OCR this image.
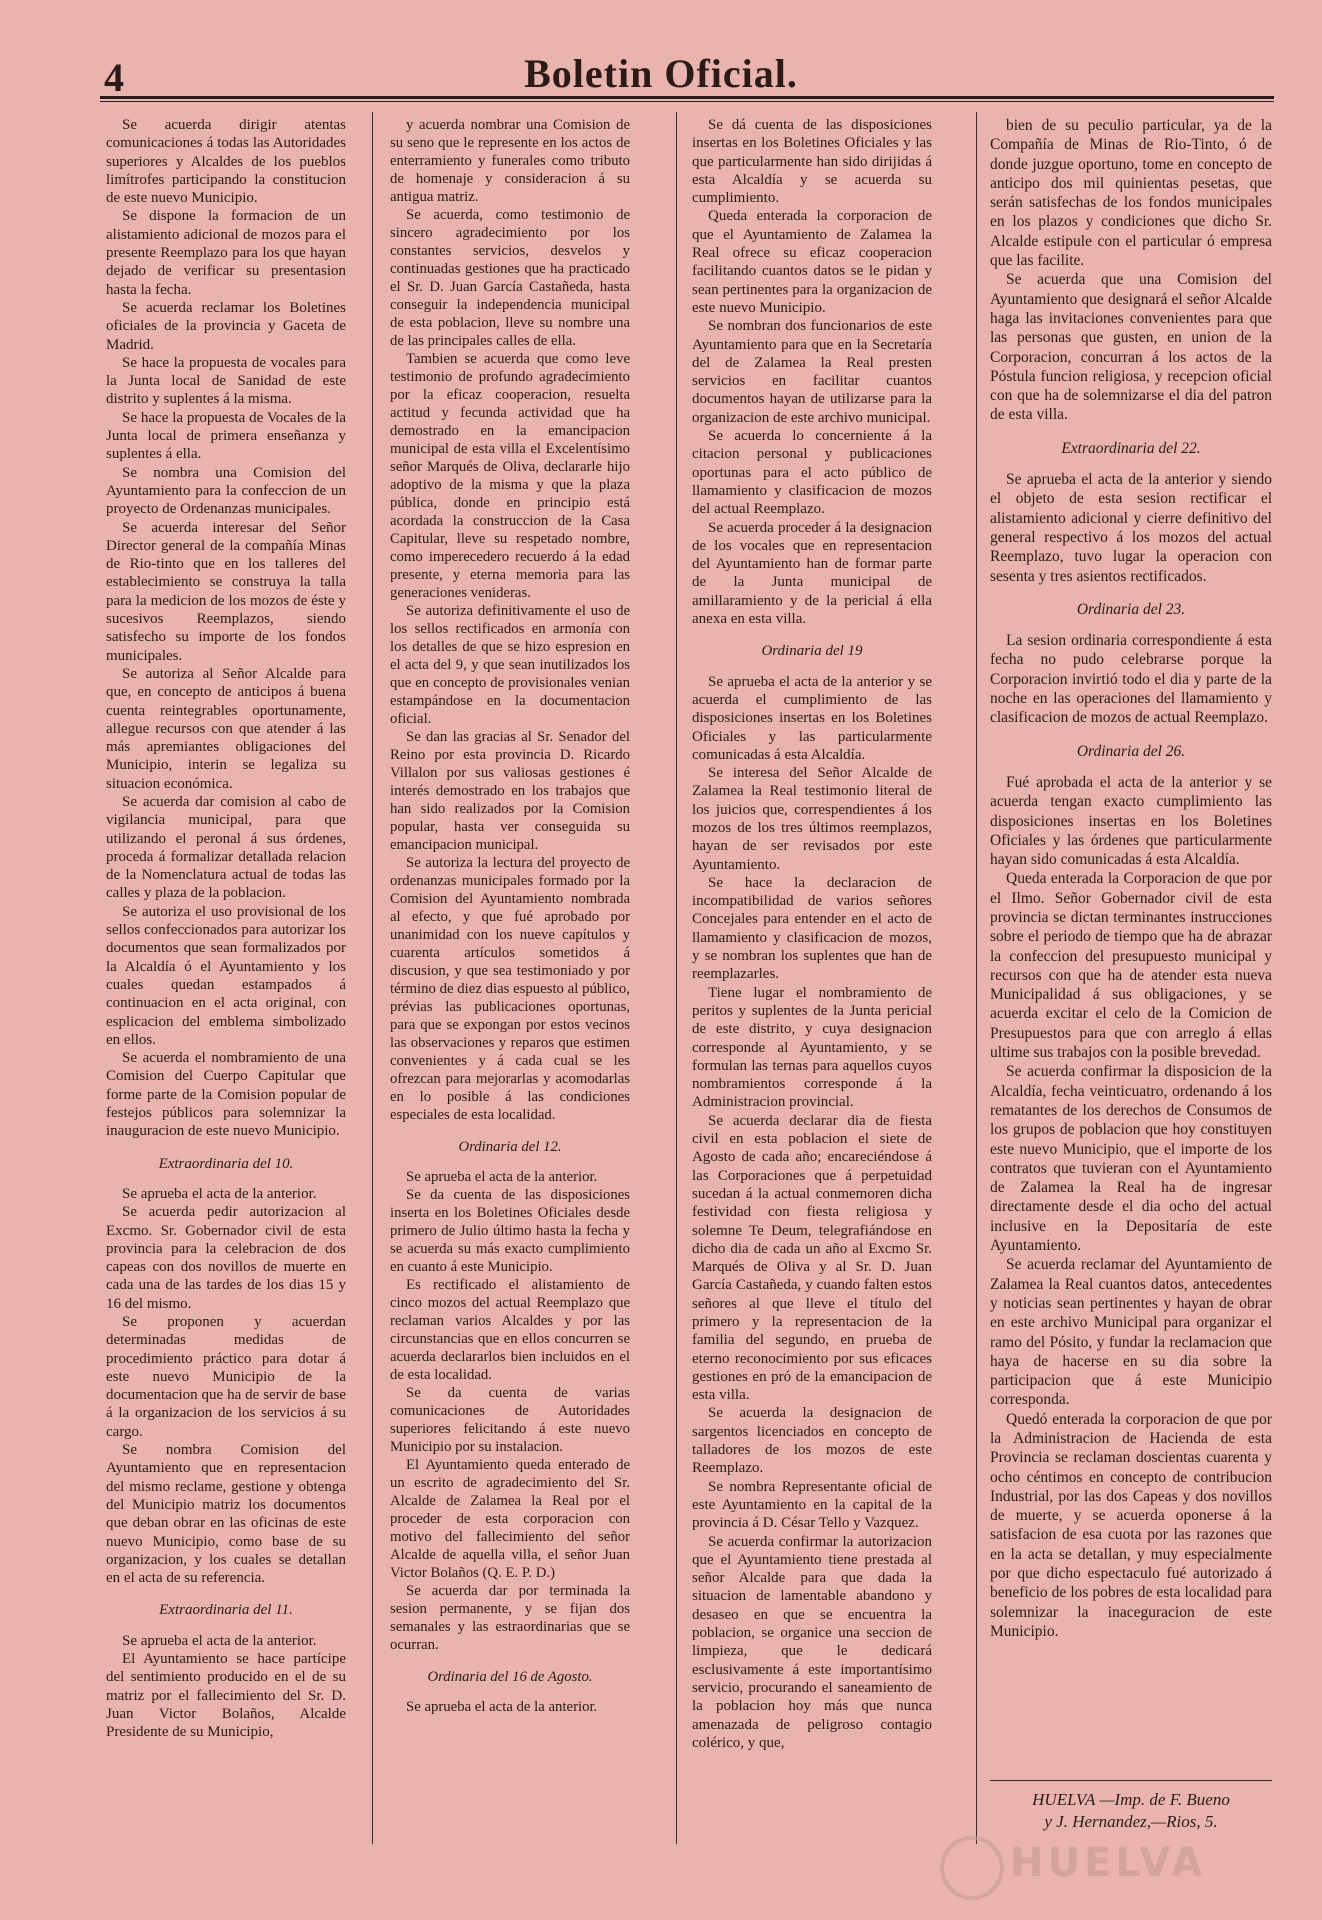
4	Boletin Oficial.

Se acuerda dirigir atentas comunicaciones á todas las Autoridades superiores y Alcaldes de los pueblos limítrofes participando la constitucion de este nuevo Municipio.

Se dispone la formacion de un alistamiento adicional de mozos para el presente Reemplazo para los que hayan dejado de verificar su presentasion hasta la fecha.

Se acuerda reclamar los Boletines oficiales de la provincia y Gaceta de Madrid.

Se hace la propuesta de vocales para la Junta local de Sanidad de este distrito y suplentes á la misma.

Se hace la propuesta de Vocales de la Junta local de primera enseñanza y suplentes á ella.

Se nombra una Comision del Ayuntamiento para la confeccion de un proyecto de Ordenanzas municipales.

Se acuerda interesar del Señor Director general de la compañía Minas de Rio-tinto que en los talleres del establecimiento se construya la talla para la medicion de los mozos de éste y sucesivos Reemplazos, siendo satisfecho su importe de los fondos municipales.

Se autoriza al Señor Alcalde para que, en concepto de anticipos á buena cuenta reintegrables oportunamente, allegue recursos con que atender á las más apremiantes obligaciones del Municipio, interin se legaliza su situacion económica.

Se acuerda dar comision al cabo de vigilancia municipal, para que utilizando el peronal á sus órdenes, proceda á formalizar detallada relacion de la Nomenclatura actual de todas las calles y plaza de la poblacion.

Se autoriza el uso provisional de los sellos confeccionados para autorizar los documentos que sean formalizados por la Alcaldía ó el Ayuntamiento y los cuales quedan estampados á continuacion en el acta original, con esplicacion del emblema simbolizado en ellos.

Se acuerda el nombramiento de una Comision del Cuerpo Capitular que forme parte de la Comision popular de festejos públicos para solemnizar la inauguracion de este nuevo Municipio.

Extraordinaria del 10.

Se aprueba el acta de la anterior.

Se acuerda pedir autorizacion al Excmo. Sr. Gobernador civil de esta provincia para la celebracion de dos capeas con dos novillos de muerte en cada una de las tardes de los dias 15 y 16 del mismo.

Se proponen y acuerdan determinadas medidas de procedimiento práctico para dotar á este nuevo Municipio de la documentacion que ha de servir de base á la organizacion de los servicios á su cargo.

Se nombra Comision del Ayuntamiento que en representacion del mismo reclame, gestione y obtenga del Municipio matriz los documentos que deban obrar en las oficinas de este nuevo Municipio, como base de su organizacion, y los cuales se detallan en el acta de su referencia.

Extraordinaria del 11.

Se aprueba el acta de la anterior.

El Ayuntamiento se hace partícipe del sentimiento producido en el de su matriz por el fallecimiento del Sr. D. Juan Victor Bolaños, Alcalde Presidente de su Municipio,

y acuerda nombrar una Comision de su seno que le represente en los actos de enterramiento y funerales como tributo de homenaje y consideracion á su antigua matriz.

Se acuerda, como testimonio de sincero agradecimiento por los constantes servicios, desvelos y continuadas gestiones que ha practicado el Sr. D. Juan García Castañeda, hasta conseguir la independencia municipal de esta poblacion, lleve su nombre una de las principales calles de ella.

Tambien se acuerda que como leve testimonio de profundo agradecimiento por la eficaz cooperacion, resuelta actitud y fecunda actividad que ha demostrado en la emancipacion municipal de esta villa el Excelentísimo señor Marqués de Oliva, declararle hijo adoptivo de la misma y que la plaza pública, donde en principio está acordada la construccion de la Casa Capitular, lleve su respetado nombre, como imperecedero recuerdo á la edad presente, y eterna memoria para las generaciones venideras.

Se autoriza definitivamente el uso de los sellos rectificados en armonía con los detalles de que se hizo espresion en el acta del 9, y que sean inutilizados los que en concepto de provisionales venian estampándose en la documentacion oficial.

Se dan las gracias al Sr. Senador del Reino por esta provincia D. Ricardo Villalon por sus valiosas gestiones é interés demostrado en los trabajos que han sido realizados por la Comision popular, hasta ver conseguida su emancipacion municipal.

Se autoriza la lectura del proyecto de ordenanzas municipales formado por la Comision del Ayuntamiento nombrada al efecto, y que fué aprobado por unanimidad con los nueve capítulos y cuarenta artículos sometidos á discusion, y que sea testimoniado y por término de diez dias espuesto al público, prévias las publicaciones oportunas, para que se expongan por estos vecinos las observaciones y reparos que estimen convenientes y á cada cual se les ofrezcan para mejorarlas y acomodarlas en lo posible á las condiciones especiales de esta localidad.

Ordinaria del 12.

Se aprueba el acta de la anterior.

Se da cuenta de las disposiciones inserta en los Boletines Oficiales desde primero de Julio último hasta la fecha y se acuerda su más exacto cumplimiento en cuanto á este Municipio.

Es rectificado el alistamiento de cinco mozos del actual Reemplazo que reclaman varios Alcaldes y por las circunstancias que en ellos concurren se acuerda declararlos bien incluidos en el de esta localidad.

Se da cuenta de varias comunicaciones de Autoridades superiores felicitando á este nuevo Municipio por su instalacion.

El Ayuntamiento queda enterado de un escrito de agradecimiento del Sr. Alcalde de Zalamea la Real por el proceder de esta corporacion con motivo del fallecimiento del señor Alcalde de aquella villa, el señor Juan Victor Bolaños (Q. E. P. D.)

Se acuerda dar por terminada la sesion permanente, y se fijan dos semanales y las estraordinarias que se ocurran.

Ordinaria del 16 de Agosto.

Se aprueba el acta de la anterior.

Se dá cuenta de las disposiciones insertas en los Boletines Oficiales y las que particularmente han sido dirijidas á esta Alcaldía y se acuerda su cumplimiento.

Queda enterada la corporacion de que el Ayuntamiento de Zalamea la Real ofrece su eficaz cooperacion facilitando cuantos datos se le pidan y sean pertinentes para la organizacion de este nuevo Municipio.

Se nombran dos funcionarios de este Ayuntamiento para que en la Secretaría del de Zalamea la Real presten servicios en facilitar cuantos documentos hayan de utilizarse para la organizacion de este archivo municipal.

Se acuerda lo concerniente á la citacion personal y publicaciones oportunas para el acto público de llamamiento y clasificacion de mozos del actual Reemplazo.

Se acuerda proceder á la designacion de los vocales que en representacion del Ayuntamiento han de formar parte de la Junta municipal de amillaramiento y de la pericial á ella anexa en esta villa.

Ordinaria del 19

Se aprueba el acta de la anterior y se acuerda el cumplimiento de las disposiciones insertas en los Boletines Oficiales y las particularmente comunicadas á esta Alcaldía.

Se interesa del Señor Alcalde de Zalamea la Real testimonio literal de los juicios que, correspendientes á los mozos de los tres últimos reemplazos, hayan de ser revisados por este Ayuntamiento.

Se hace la declaracion de incompatibilidad de varios señores Concejales para entender en el acto de llamamiento y clasificacion de mozos, y se nombran los suplentes que han de reemplazarles.

Tiene lugar el nombramiento de peritos y suplentes de la Junta pericial de este distrito, y cuya designacion corresponde al Ayuntamiento, y se formulan las ternas para aquellos cuyos nombramientos corresponde á la Administracion provincial.

Se acuerda declarar dia de fiesta civil en esta poblacion el siete de Agosto de cada año; encareciéndose á las Corporaciones que á perpetuidad sucedan á la actual conmemoren dicha festividad con fiesta religiosa y solemne Te Deum, telegrafiándose en dicho dia de cada un año al Excmo Sr. Marqués de Oliva y al Sr. D. Juan García Castañeda, y cuando falten estos señores al que lleve el título del primero y la representacion de la familia del segundo, en prueba de eterno reconocimiento por sus eficaces gestiones en pró de la emancipacion de esta villa.

Se acuerda la designacion de sargentos licenciados en concepto de talladores de los mozos de este Reemplazo.

Se nombra Representante oficial de este Ayuntamiento en la capital de la provincia á D. César Tello y Vazquez.

Se acuerda confirmar la autorizacion que el Ayuntamiento tiene prestada al señor Alcalde para que dada la situacion de lamentable abandono y desaseo en que se encuentra la poblacion, se organice una seccion de limpieza, que le dedicará esclusivamente á este importantísimo servicio, procurando el saneamiento de la poblacion hoy más que nunca amenazada de peligroso contagio colérico, y que,

bien de su peculio particular, ya de la Compañía de Minas de Rio-Tinto, ó de donde juzgue oportuno, tome en concepto de anticipo dos mil quinientas pesetas, que serán satisfechas de los fondos municipales en los plazos y condiciones que dicho Sr. Alcalde estipule con el particular ó empresa que las facilite.

Se acuerda que una Comision del Ayuntamiento que designará el señor Alcalde haga las invitaciones convenientes para que las personas que gusten, en union de la Corporacion, concurran á los actos de la Póstula funcion religiosa, y recepcion oficial con que ha de solemnizarse el dia del patron de esta villa.

Extraordinaria del 22.

Se aprueba el acta de la anterior y siendo el objeto de esta sesion rectificar el alistamiento adicional y cierre definitivo del general respectivo á los mozos del actual Reemplazo, tuvo lugar la operacion con sesenta y tres asientos rectificados.

Ordinaria del 23.

La sesion ordinaria correspondiente á esta fecha no pudo celebrarse porque la Corporacion invirtió todo el dia y parte de la noche en las operaciones del llamamiento y clasificacion de mozos de actual Reemplazo.

Ordinaria del 26.

Fué aprobada el acta de la anterior y se acuerda tengan exacto cumplimiento las disposiciones insertas en los Boletines Oficiales y las órdenes que particularmente hayan sido comunicadas á esta Alcaldía.

Queda enterada la Corporacion de que por el Ilmo. Señor Gobernador civil de esta provincia se dictan terminantes instrucciones sobre el periodo de tiempo que ha de abrazar la confeccion del presupuesto municipal y recursos con que ha de atender esta nueva Municipalidad á sus obligaciones, y se acuerda excitar el celo de la Comicion de Presupuestos para que con arreglo á ellas ultime sus trabajos con la posible brevedad.

Se acuerda confirmar la disposicion de la Alcaldía, fecha veinticuatro, ordenando á los rematantes de los derechos de Consumos de los grupos de poblacion que hoy constituyen este nuevo Municipio, que el importe de los contratos que tuvieran con el Ayuntamiento de Zalamea la Real ha de ingresar directamente desde el dia ocho del actual inclusive en la Depositaría de este Ayuntamiento.

Se acuerda reclamar del Ayuntamiento de Zalamea la Real cuantos datos, antecedentes y noticias sean pertinentes y hayan de obrar en este archivo Municipal para organizar el ramo del Pósito, y fundar la reclamacion que haya de hacerse en su dia sobre la participacion que á este Municipio corresponda.

Quedó enterada la corporacion de que por la Administracion de Hacienda de esta Provincia se reclaman doscientas cuarenta y ocho céntimos en concepto de contribucion Industrial, por las dos Capeas y dos novillos de muerte, y se acuerda oponerse á la satisfacion de esa cuota por las razones que en la acta se detallan, y muy especialmente por que dicho espectaculo fué autorizado á beneficio de los pobres de esta localidad para solemnizar la inaceguracion de este Municipio.

HUELVA —Imp. de F. Bueno
y J. Hernandez,—Rios, 5.
HUELVA
